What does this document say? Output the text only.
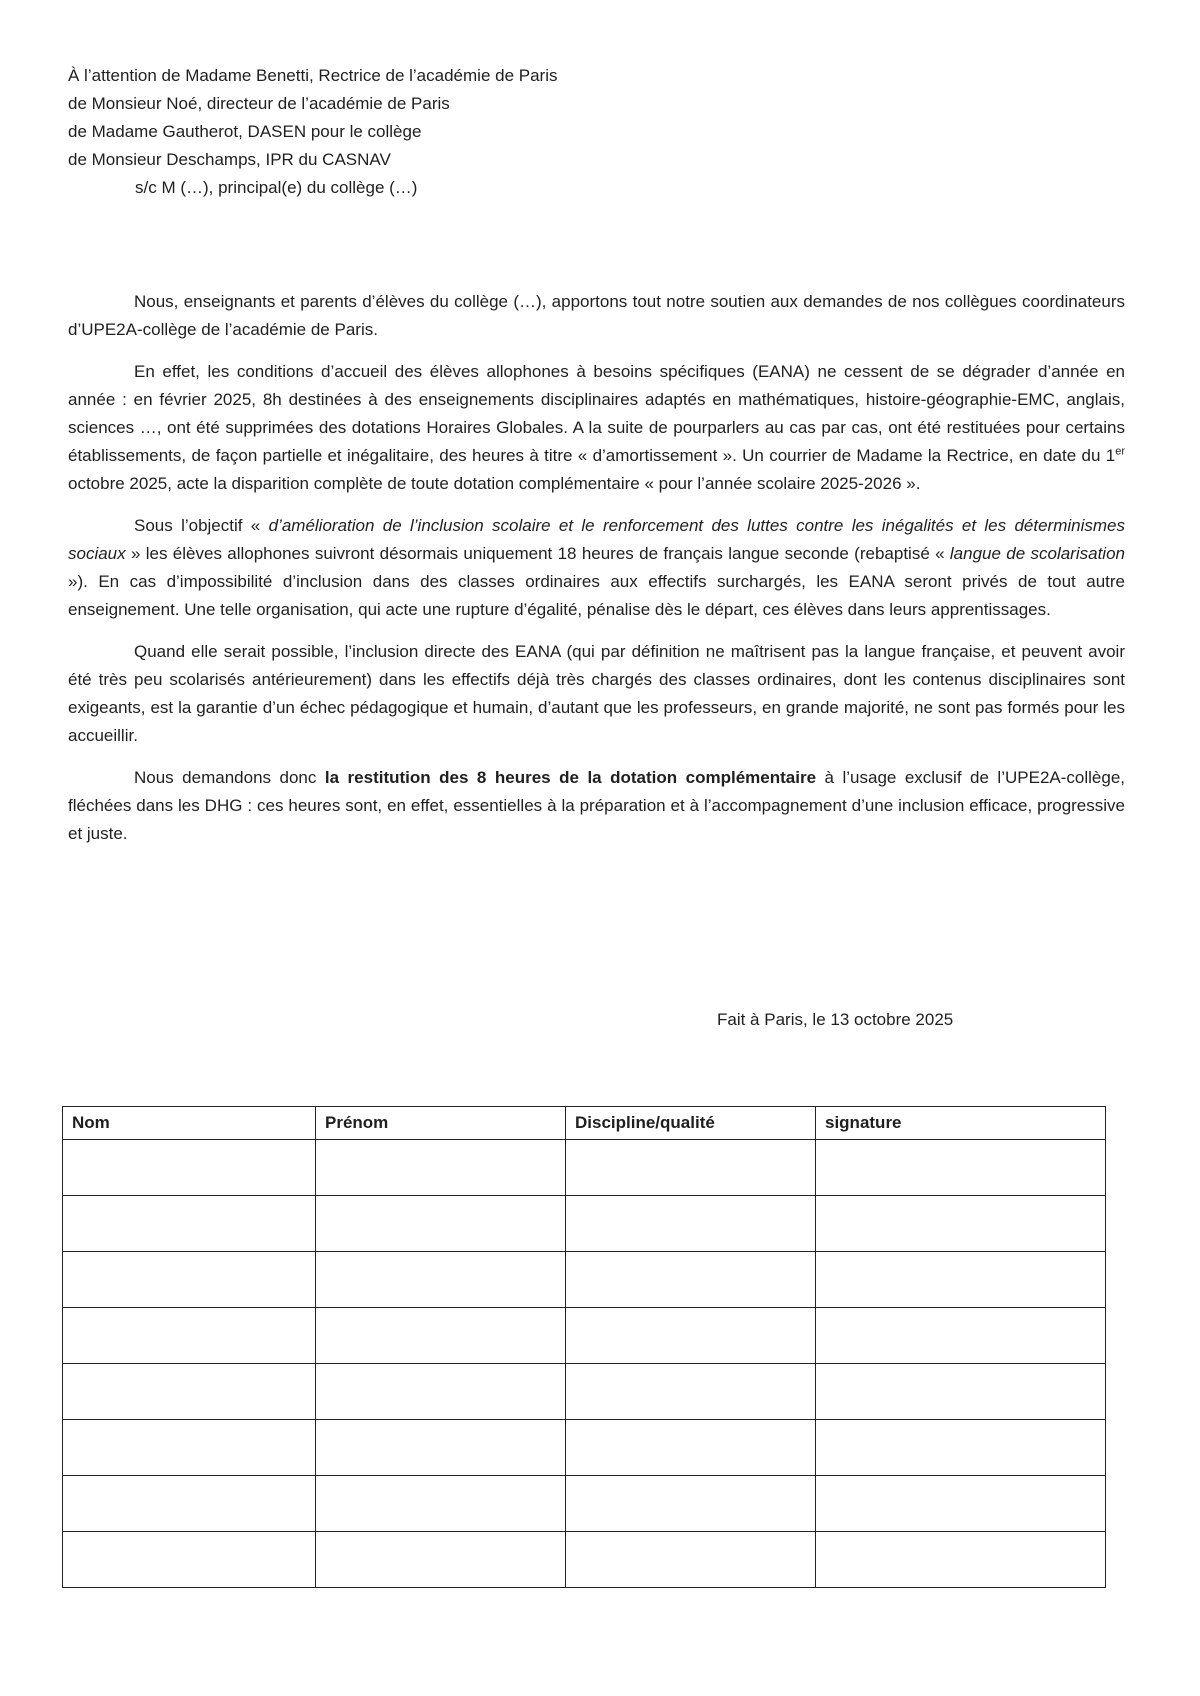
À l’attention de Madame Benetti, Rectrice de l’académie de Paris
de Monsieur Noé, directeur de l’académie de Paris
de Madame Gautherot, DASEN pour le collège
de Monsieur Deschamps, IPR du CASNAV
s/c M (…), principal(e) du collège (…)

Nous, enseignants et parents d’élèves du collège (…), apportons tout notre soutien aux demandes de nos collègues coordinateurs d’UPE2A-collège de l’académie de Paris.

En effet, les conditions d’accueil des élèves allophones à besoins spécifiques (EANA) ne cessent de se dégrader d’année en année : en février 2025, 8h destinées à des enseignements disciplinaires adaptés en mathématiques, histoire-géographie-EMC, anglais, sciences …, ont été supprimées des dotations Horaires Globales. A la suite de pourparlers au cas par cas, ont été restituées pour certains établissements, de façon partielle et inégalitaire, des heures à titre « d’amortissement ». Un courrier de Madame la Rectrice, en date du 1er octobre 2025, acte la disparition complète de toute dotation complémentaire « pour l’année scolaire 2025-2026 ».

Sous l’objectif « d’amélioration de l’inclusion scolaire et le renforcement des luttes contre les inégalités et les déterminismes sociaux » les élèves allophones suivront désormais uniquement 18 heures de français langue seconde (rebaptisé « langue de scolarisation »). En cas d’impossibilité d’inclusion dans des classes ordinaires aux effectifs surchargés, les EANA seront privés de tout autre enseignement. Une telle organisation, qui acte une rupture d’égalité, pénalise dès le départ, ces élèves dans leurs apprentissages.

Quand elle serait possible, l’inclusion directe des EANA (qui par définition ne maîtrisent pas la langue française, et peuvent avoir été très peu scolarisés antérieurement) dans les effectifs déjà très chargés des classes ordinaires, dont les contenus disciplinaires sont exigeants, est la garantie d’un échec pédagogique et humain, d’autant que les professeurs, en grande majorité, ne sont pas formés pour les accueillir.

Nous demandons donc la restitution des 8 heures de la dotation complémentaire à l’usage exclusif de l’UPE2A-collège, fléchées dans les DHG : ces heures sont, en effet, essentielles à la préparation et à l’accompagnement d’une inclusion efficace, progressive et juste.

Fait à Paris, le 13 octobre 2025
Nom	Prénom	Discipline/qualité	signature
